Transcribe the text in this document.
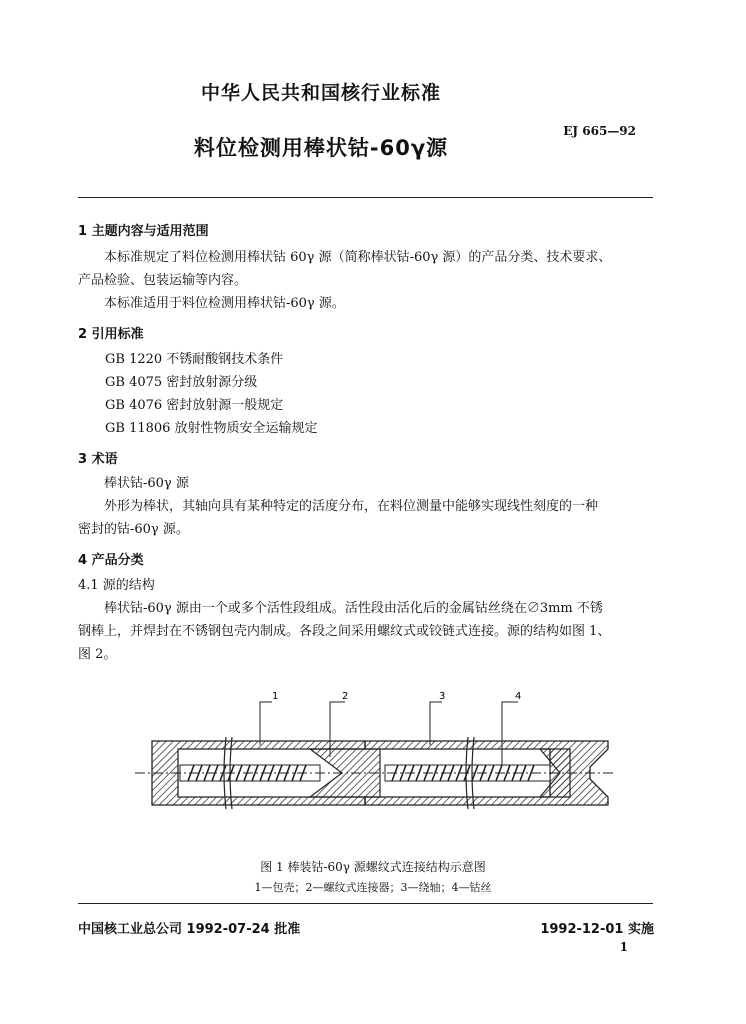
中华人民共和国核行业标准
料位检测用棒状钴-60γ源
EJ 665—92
1 主题内容与适用范围
本标准规定了料位检测用棒状钴 60γ 源（简称棒状钴-60γ 源）的产品分类、技术要求、
产品检验、包装运输等内容。
本标准适用于料位检测用棒状钴-60γ 源。
2 引用标准
GB 1220 不锈耐酸钢技术条件
GB 4075 密封放射源分级
GB 4076 密封放射源一般规定
GB 11806 放射性物质安全运输规定
3 术语
棒状钴-60γ 源
外形为棒状，其轴向具有某种特定的活度分布，在料位测量中能够实现线性刻度的一种
密封的钴-60γ 源。
4 产品分类
4.1 源的结构
棒状钴-60γ 源由一个或多个活性段组成。活性段由活化后的金属钴丝绕在∅3mm 不锈
钢棒上，并焊封在不锈钢包壳内制成。各段之间采用螺纹式或铰链式连接。源的结构如图 1、
图 2。
1	2	3	4
图 1 棒装钴-60γ 源螺纹式连接结构示意图
1—包壳；2—螺纹式连接器；3—绕轴；4—钴丝
中国核工业总公司 1992-07-24 批准	1992-12-01 实施
1
